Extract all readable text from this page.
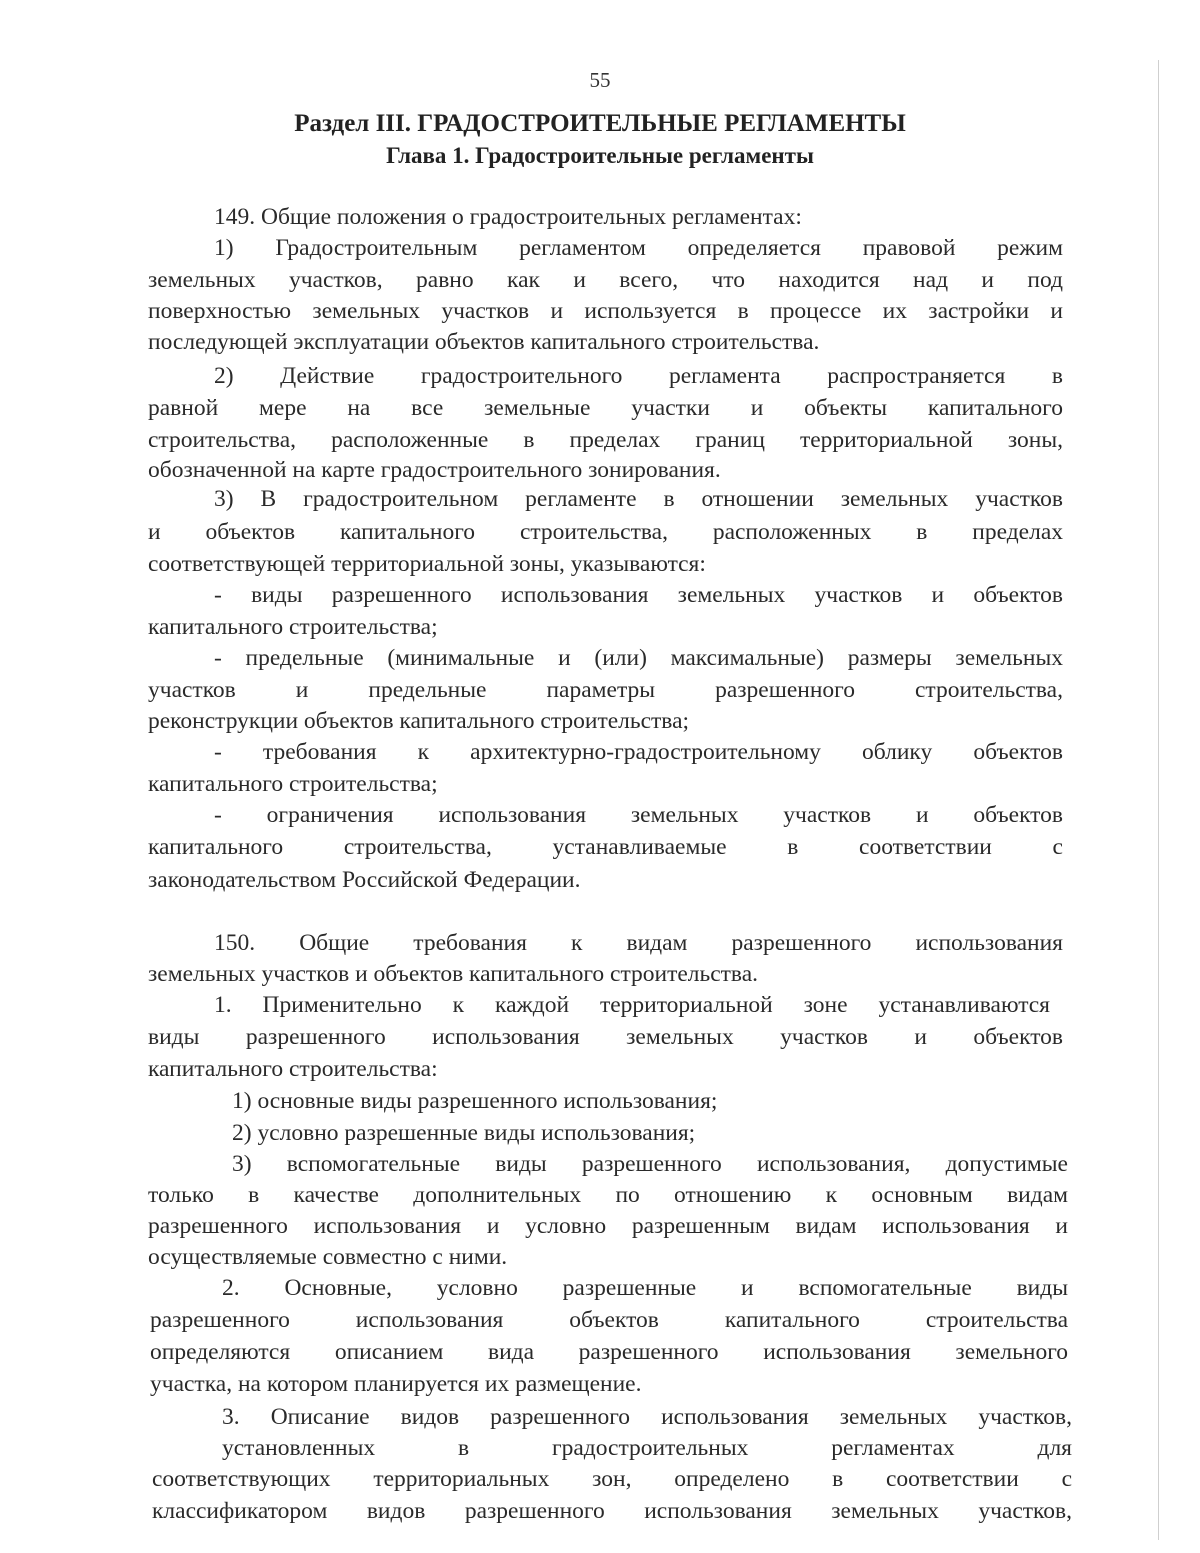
55
Раздел III. ГРАДОСТРОИТЕЛЬНЫЕ РЕГЛАМЕНТЫ
Глава 1. Градостроительные регламенты
149. Общие положения о градостроительных регламентах:
1) Градостроительным регламентом определяется правовой режим
земельных участков, равно как и всего, что находится над и под
поверхностью земельных участков и используется в процессе их застройки и
последующей эксплуатации объектов капитального строительства.
2) Действие градостроительного регламента распространяется в
равной мере на все земельные участки и объекты капитального
строительства, расположенные в пределах границ территориальной зоны,
обозначенной на карте градостроительного зонирования.
3) В градостроительном регламенте в отношении земельных участков
и объектов капитального строительства, расположенных в пределах
соответствующей территориальной зоны, указываются:
- виды разрешенного использования земельных участков и объектов
капитального строительства;
- предельные (минимальные и (или) максимальные) размеры земельных
участков и предельные параметры разрешенного строительства,
реконструкции объектов капитального строительства;
- требования к архитектурно-градостроительному облику объектов
капитального строительства;
- ограничения использования земельных участков и объектов
капитального строительства, устанавливаемые в соответствии с
законодательством Российской Федерации.
150. Общие требования к видам разрешенного использования
земельных участков и объектов капитального строительства.
1. Применительно к каждой территориальной зоне устанавливаются
виды разрешенного использования земельных участков и объектов
капитального строительства:
1) основные виды разрешенного использования;
2) условно разрешенные виды использования;
3) вспомогательные виды разрешенного использования, допустимые
только в качестве дополнительных по отношению к основным видам
разрешенного использования и условно разрешенным видам использования и
осуществляемые совместно с ними.
2. Основные, условно разрешенные и вспомогательные виды
разрешенного использования объектов капитального строительства
определяются описанием вида разрешенного использования земельного
участка, на котором планируется их размещение.
3. Описание видов разрешенного использования земельных участков,
установленных в градостроительных регламентах для
соответствующих территориальных зон, определено в соответствии с
классификатором видов разрешенного использования земельных участков,
